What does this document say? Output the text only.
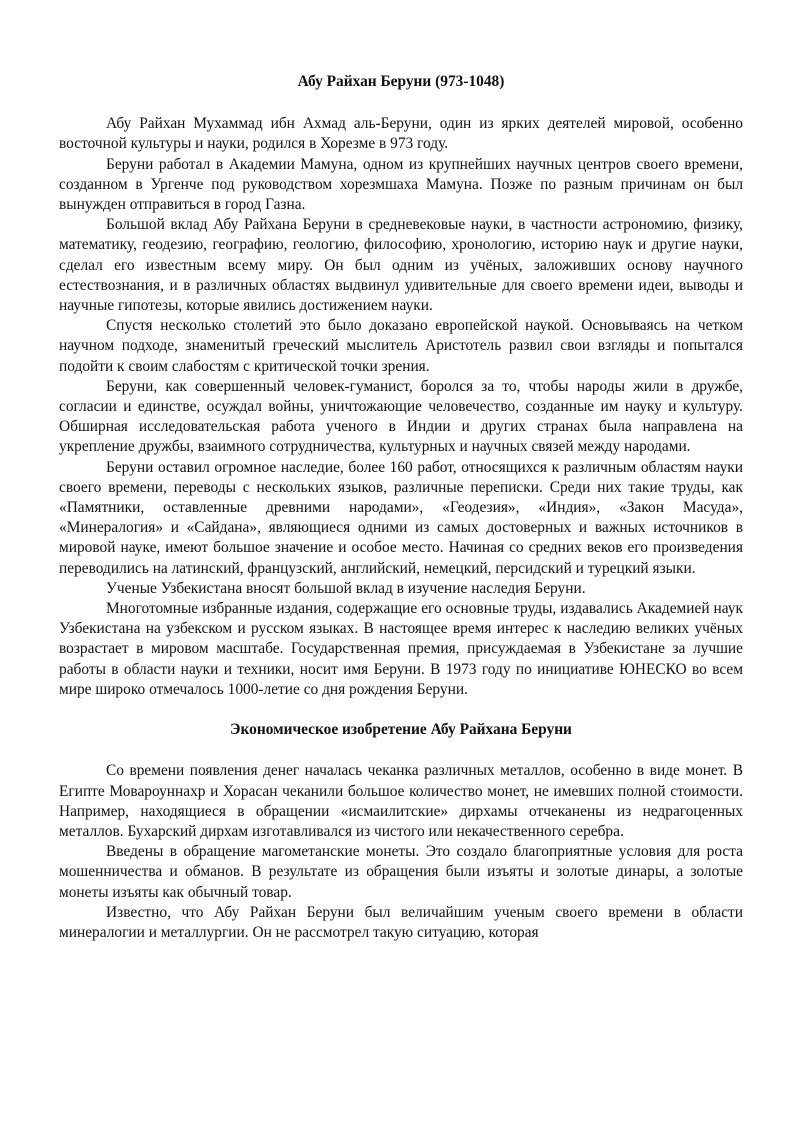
Абу Райхан Беруни (973-1048)

Абу Райхан Мухаммад ибн Ахмад аль-Беруни, один из ярких деятелей мировой, особенно восточной культуры и науки, родился в Хорезме в 973 году.

Беруни работал в Академии Мамуна, одном из крупнейших научных центров своего времени, созданном в Ургенче под руководством хорезмшаха Мамуна. Позже по разным причинам он был вынужден отправиться в город Газна.

Большой вклад Абу Райхана Беруни в средневековые науки, в частности астрономию, физику, математику, геодезию, географию, геологию, философию, хронологию, историю наук и другие науки, сделал его известным всему миру. Он был одним из учёных, заложивших основу научного естествознания, и в различных областях выдвинул удивительные для своего времени идеи, выводы и научные гипотезы, которые явились достижением науки.

Спустя несколько столетий это было доказано европейской наукой. Основываясь на четком научном подходе, знаменитый греческий мыслитель Аристотель развил свои взгляды и попытался подойти к своим слабостям с критической точки зрения.

Беруни, как совершенный человек-гуманист, боролся за то, чтобы народы жили в дружбе, согласии и единстве, осуждал войны, уничтожающие человечество, созданные им науку и культуру. Обширная исследовательская работа ученого в Индии и других странах была направлена на укрепление дружбы, взаимного сотрудничества, культурных и научных связей между народами.

Беруни оставил огромное наследие, более 160 работ, относящихся к различным областям науки своего времени, переводы с нескольких языков, различные переписки. Среди них такие труды, как «Памятники, оставленные древними народами», «Геодезия», «Индия», «Закон Масуда», «Минералогия» и «Сайдана», являющиеся одними из самых достоверных и важных источников в мировой науке, имеют большое значение и особое место. Начиная со средних веков его произведения переводились на латинский, французский, английский, немецкий, персидский и турецкий языки.

Ученые Узбекистана вносят большой вклад в изучение наследия Беруни.

Многотомные избранные издания, содержащие его основные труды, издавались Академией наук Узбекистана на узбекском и русском языках. В настоящее время интерес к наследию великих учёных возрастает в мировом масштабе. Государственная премия, присуждаемая в Узбекистане за лучшие работы в области науки и техники, носит имя Беруни. В 1973 году по инициативе ЮНЕСКО во всем мире широко отмечалось 1000-летие со дня рождения Беруни.

Экономическое изобретение Абу Райхана Беруни

Со времени появления денег началась чеканка различных металлов, особенно в виде монет. В Египте Мовароуннахр и Хорасан чеканили большое количество монет, не имевших полной стоимости. Например, находящиеся в обращении «исмаилитские» дирхамы отчеканены из недрагоценных металлов. Бухарский дирхам изготавливался из чистого или некачественного серебра.

Введены в обращение магометанские монеты. Это создало благоприятные условия для роста мошенничества и обманов. В результате из обращения были изъяты и золотые динары, а золотые монеты изъяты как обычный товар.

Известно, что Абу Райхан Беруни был величайшим ученым своего времени в области минералогии и металлургии. Он не рассмотрел такую ситуацию, которая
